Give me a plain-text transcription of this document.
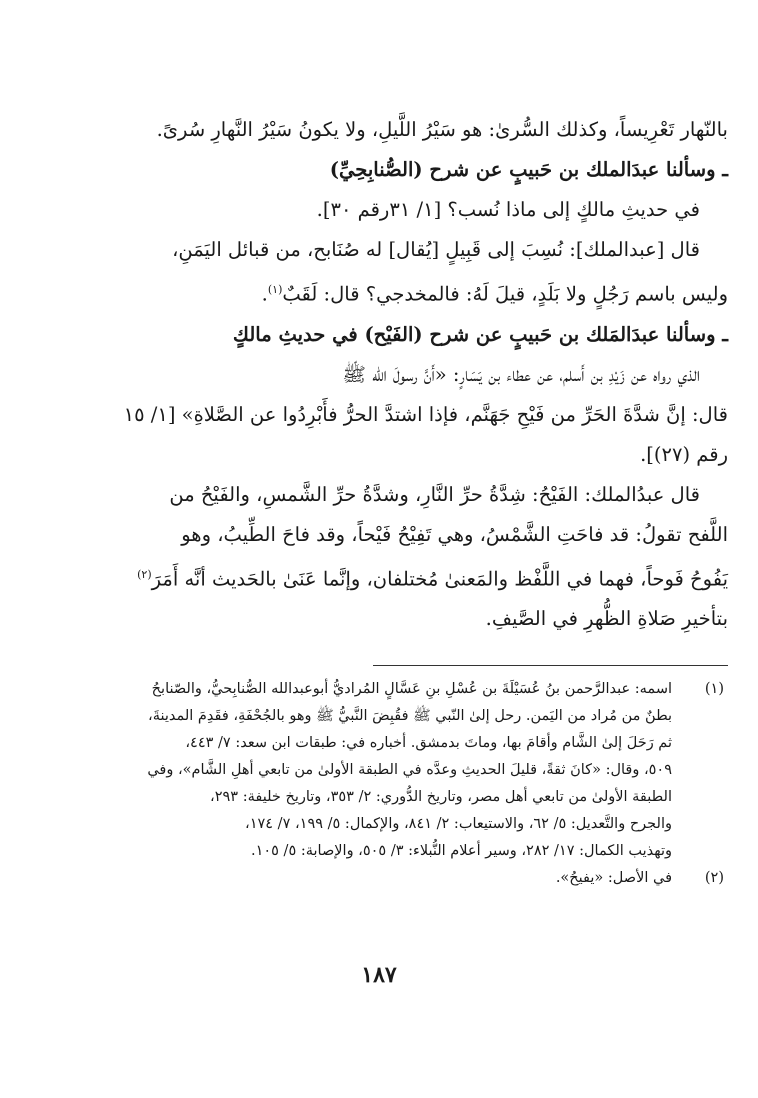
بالنّهار تَعْرِيساً، وكذلك السُّرىٰ: هو سَيْرُ اللَّيلِ، ولا يكونُ سَيْرُ النَّهارِ سُرىً.

ـ وسألنا عبدَالملك بن حَبيبٍ عن شرح (الصُّنابِحِيِّ)

في حديثِ مالكٍ إلى ماذا نُسب؟ [١/ ٣١رقم ٣٠].

قال [عبدالملك]: نُسِبَ إلى قَبِيلٍ [يُقال] له صُنَابح، من قبائل اليَمَنِ،

وليس باسم رَجُلٍ ولا بَلَدٍ، قيلَ لَهُ: فالمخدجي؟ قال: لَقَبٌ$^{(١)}$.

ـ وسألنا عبدَالمَلك بن حَبيبٍ عن شرح (الفَيْح) في حديثِ مالكٍ

الذي رواه عن زَيْدِ بن أَسلم، عن عطاء بن يَسَارٍ: «أَنَّ رسولَ الله ﷺ

قال: إنَّ شدَّةَ الحَرِّ من فَيْحِ جَهَنَّم، فإذا اشتدَّ الحرُّ فأَبْرِدُوا عن الصَّلاةِ» [١/ ١٥

رقم (٢٧)].

قال عبدُالملك: الفَيْحُ: شِدَّةُ حرِّ النَّارِ، وشدَّةُ حرِّ الشَّمسِ، والفَيْحُ من

اللَّفح تقولُ: قد فاحَتِ الشَّمْسُ، وهي تَفِيْحُ فَيْحاً، وقد فاحَ الطِّيبُ، وهو

يَفُوحُ فَوحاً، فهما في اللَّفْظ والمَعنىٰ مُختلفان، وإنَّما عَنَىٰ بالحَديث أنَّه أَمَرَ$^{(٢)}$

بتأخيرِ صَلاةِ الظُّهرِ في الصَّيفِ.

(١)
اسمه: عبدالرَّحمن بنُ عُسَيْلَةَ بن عُسْلِ بنِ عَسَّالٍ المُراديُّ أبوعبدالله الصُّنابِحيُّ، والصّنابحُ
بطنٌ من مُراد من اليَمن. رحل إلىٰ النّبي ﷺ فقُبِضَ النَّبيُّ ﷺ وهو بالجُحْفَةِ، فقَدِمَ المدينةَ،
ثم رَحَلَ إلىٰ الشَّام وأقامَ بها، وماتَ بدمشق. أخباره في: طبقات ابن سعد: ٧/ ٤٤٣،
٥٠٩، وقال: «كانَ ثقةً، قليلَ الحديثِ وعدَّه في الطبقة الأولىٰ من تابعي أهلِ الشَّام»، وفي
الطبقة الأولىٰ من تابعي أهل مصر، وتاريخ الدُّوري: ٢/ ٣٥٣، وتاريخ خليفة: ٢٩٣،
والجرح والتَّعديل: ٥/ ٦٢، والاستيعاب: ٢/ ٨٤١، والإكمال: ٥/ ١٩٩، ٧/ ١٧٤،
وتهذيب الكمال: ١٧/ ٢٨٢، وسير أعلام النُّبلاء: ٣/ ٥٠٥، والإصابة: ٥/ ١٠٥.
(٢)
في الأصل: «يفيحُ».
١٨٧
